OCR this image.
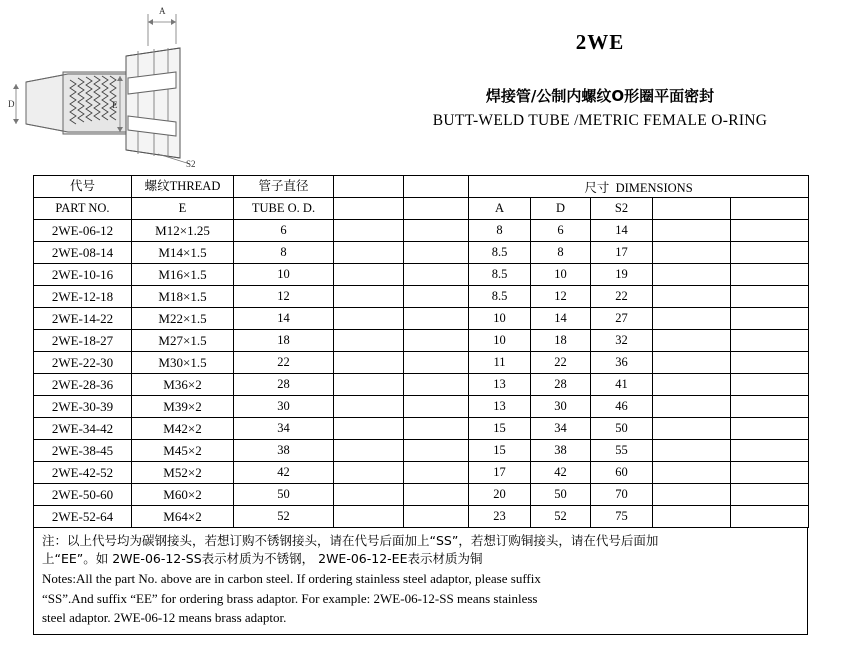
A
D	E
S2
2WE
焊接管/公制内螺纹O形圈平面密封
BUTT-WELD TUBE /METRIC FEMALE O-RING
代号	螺纹THREAD	管子直径			尺寸 DIMENSIONS				
PART NO.	E	TUBE O. D.			A	D	S2		
2WE-06-12	M12×1.25	6			8	6	14		
2WE-08-14	M14×1.5	8			8.5	8	17		
2WE-10-16	M16×1.5	10			8.5	10	19		
2WE-12-18	M18×1.5	12			8.5	12	22		
2WE-14-22	M22×1.5	14			10	14	27		
2WE-18-27	M27×1.5	18			10	18	32		
2WE-22-30	M30×1.5	22			11	22	36		
2WE-28-36	M36×2	28			13	28	41		
2WE-30-39	M39×2	30			13	30	46		
2WE-34-42	M42×2	34			15	34	50		
2WE-38-45	M45×2	38			15	38	55		
2WE-42-52	M52×2	42			17	42	60		
2WE-50-60	M60×2	50			20	50	70		
2WE-52-64	M64×2	52			23	52	75		
注：以上代号均为碳钢接头，若想订购不锈钢接头，请在代号后面加上“SS”，若想订购铜接头，请在代号后面加
上“EE”。如 2WE-06-12-SS表示材质为不锈钢， 2WE-06-12-EE表示材质为铜
Notes:All the part No. above are in carbon steel. If ordering stainless steel adaptor, please suffix
“SS”.And suffix “EE” for ordering brass adaptor. For example: 2WE-06-12-SS means stainless
steel adaptor. 2WE-06-12 means brass adaptor.
